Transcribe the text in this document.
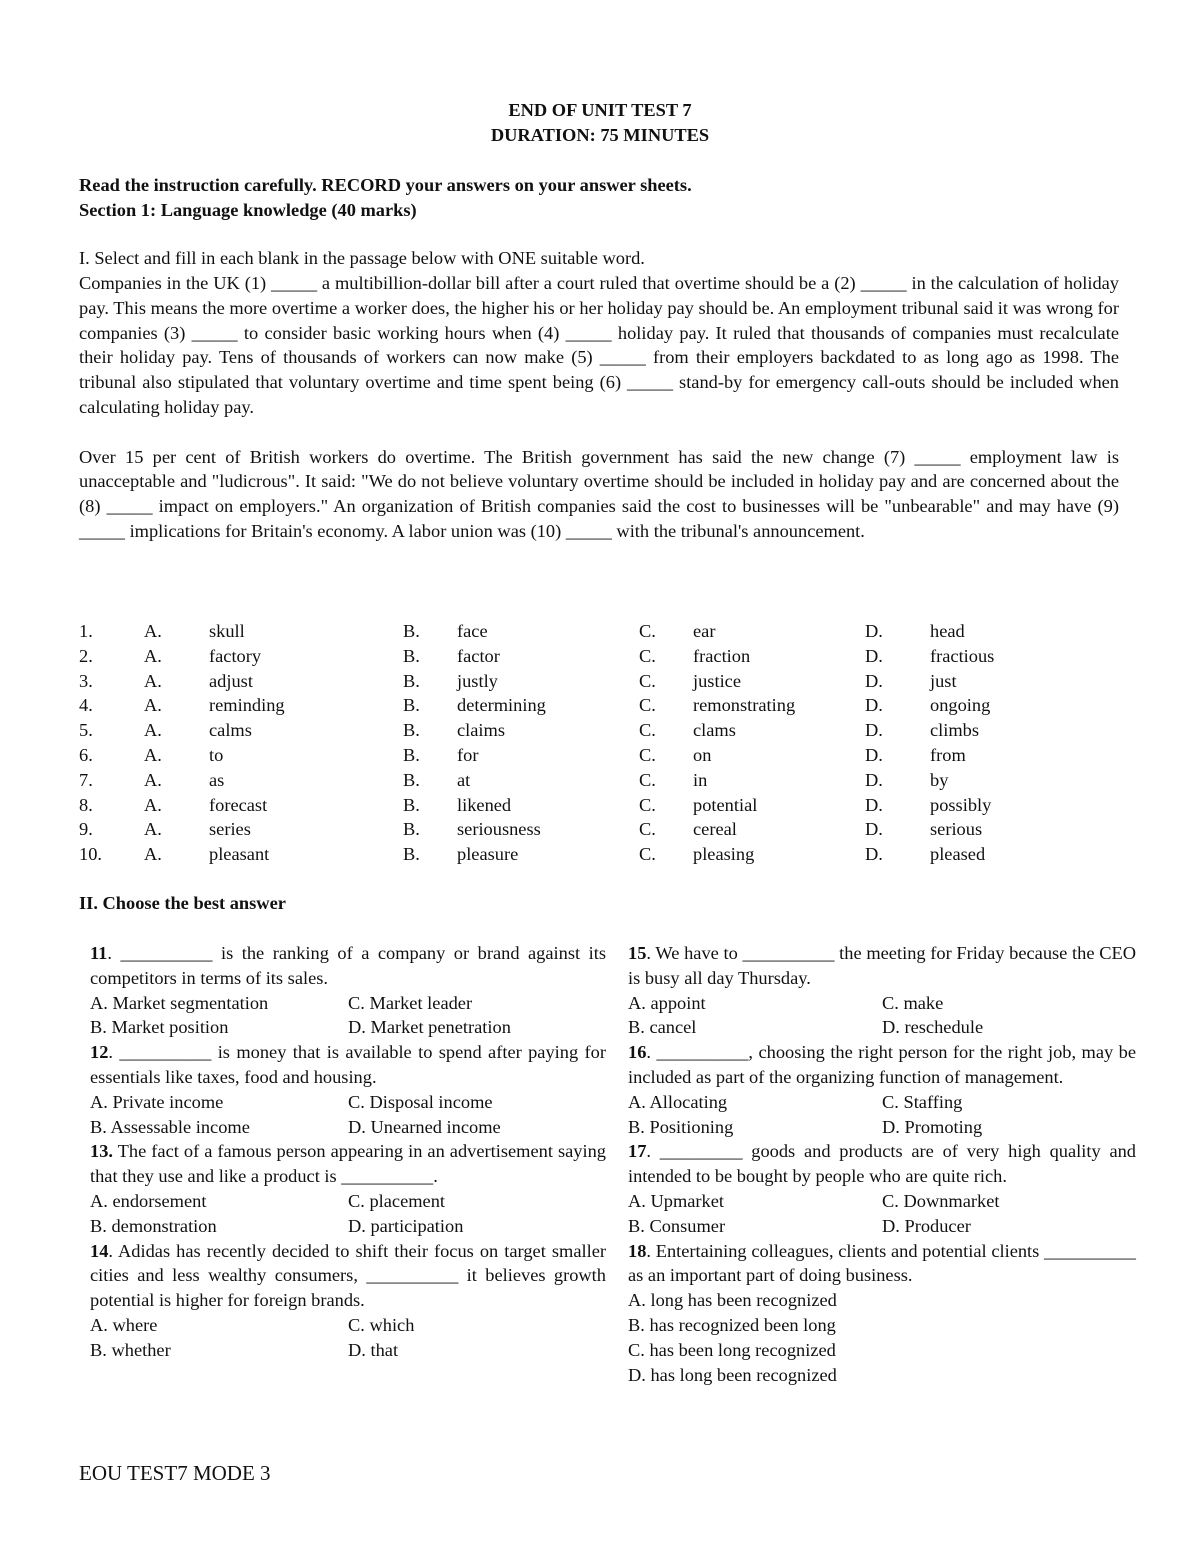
END OF UNIT TEST 7
DURATION: 75 MINUTES
Read the instruction carefully. RECORD your answers on your answer sheets.
Section 1: Language knowledge (40 marks)
I. Select and fill in each blank in the passage below with ONE suitable word.

Companies in the UK (1) _____ a multibillion-dollar bill after a court ruled that overtime should be a (2) _____ in the calculation of holiday pay. This means the more overtime a worker does, the higher his or her holiday pay should be. An employment tribunal said it was wrong for companies (3) _____ to consider basic working hours when (4) _____ holiday pay. It ruled that thousands of companies must recalculate their holiday pay. Tens of thousands of workers can now make (5) _____ from their employers backdated to as long ago as 1998. The tribunal also stipulated that voluntary overtime and time spent being (6) _____ stand-by for emergency call-outs should be included when calculating holiday pay.

Over 15 per cent of British workers do overtime. The British government has said the new change (7) _____ employment law is unacceptable and "ludicrous". It said: "We do not believe voluntary overtime should be included in holiday pay and are concerned about the (8) _____ impact on employers." An organization of British companies said the cost to businesses will be "unbearable" and may have (9) _____ implications for Britain's economy. A labor union was (10) _____ with the tribunal's announcement.

1.	A.	skull	B.	face	C.	ear	D.	head
2.	A.	factory	B.	factor	C.	fraction	D.	fractious
3.	A.	adjust	B.	justly	C.	justice	D.	just
4.	A.	reminding	B.	determining	C.	remonstrating	D.	ongoing
5.	A.	calms	B.	claims	C.	clams	D.	climbs
6.	A.	to	B.	for	C.	on	D.	from
7.	A.	as	B.	at	C.	in	D.	by
8.	A.	forecast	B.	likened	C.	potential	D.	possibly
9.	A.	series	B.	seriousness	C.	cereal	D.	serious
10.	A.	pleasant	B.	pleasure	C.	pleasing	D.	pleased
II. Choose the best answer

11. __________ is the ranking of a company or brand against its competitors in terms of its sales.

A. Market segmentation	C. Market leader
B. Market position	D. Market penetration

12. __________ is money that is available to spend after paying for essentials like taxes, food and housing.

A. Private income	C. Disposal income
B. Assessable income	D. Unearned income

13. The fact of a famous person appearing in an advertisement saying that they use and like a product is __________.

A. endorsement	C. placement
B. demonstration	D. participation

14. Adidas has recently decided to shift their focus on target smaller cities and less wealthy consumers, __________ it believes growth potential is higher for foreign brands.

A. where	C. which
B. whether	D. that

15. We have to __________ the meeting for Friday because the CEO is busy all day Thursday.

A. appoint	C. make
B. cancel	D. reschedule

16. __________, choosing the right person for the right job, may be included as part of the organizing function of management.

A. Allocating	C. Staffing
B. Positioning	D. Promoting

17. _________ goods and products are of very high quality and intended to be bought by people who are quite rich.

A. Upmarket	C. Downmarket
B. Consumer	D. Producer

18. Entertaining colleagues, clients and potential clients __________ as an important part of doing business.

A. long has been recognized
B. has recognized been long
C. has been long recognized
D. has long been recognized
EOU TEST7 MODE 3
